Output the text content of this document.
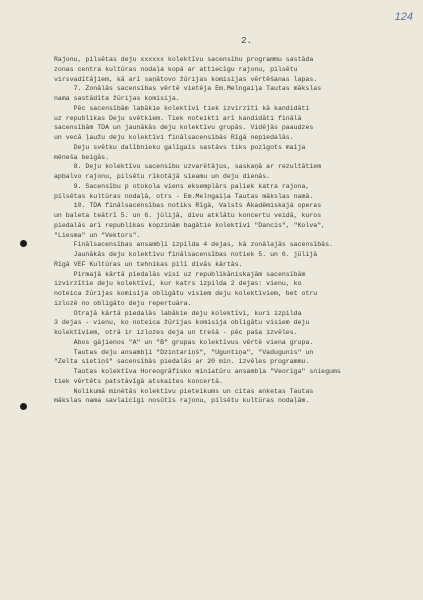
124
2.
Rajonu, pilsētas deju xxxxxx kolektīvu sacensību programmu sastāda
zonas centra kultūras nodaļa kopā ar attiecīgu rajonu, pilsētu
virsvadītājiem, kā arī saņātovo žūrijas komisijas vērtēšanas lapas.
7. Zonālās sacensības vērtē vietēja Em.Melngaiļa Tautas mākslas
nama sastādīta žūrijas komisija.
Pēc sacensībām labākie kolektīvi tiek izvirzīti kā kandidāti
uz republikas Deju svētkiem. Tiek noteikti arī kandidāti finālā
sacensībām TDA un jaunākās deju kolektīvu grupās. Vidējās paaudzes
un vecā ļaužu deju kolektīvi finālsacensībās Rīgā nepiedalās.
Deju svētku dalībnieku galīgais sastāvs tiks pozīgots maija
mēneša beigās.
8. Deju kolektīvu sacensību uzvarētājus, saskaņā ar rezultātiem
apbalvo rajonu, pilsētu rīkotājā sieamu un deju dienās.
9. Sacensību p otokola viens eksemplārs paliek katra rajona,
pilsētas kultūras nodaļā, otrs - Em.Melngaiļa Tautas mākslas namā.
10. TDA finālsacensības notiks Rīgā, Valsts Akadēmiskajā operas
un baleta teātrī 5. un 6. jūlijā, divu atklātu koncertu veidā, kuros
piedalās arī republikas kopzinām bagātie kolektīvi "Dancis", "Kolva",
"Liesma" un "Vektors".
Finālsacensības ansambļi izpilda 4 dejas, kā zonālajās sacensībās.
Jaunākās deju kolektīvu finālsacensības notiek 5. un 6. jūlijā
Rīgā VEF Kultūras un tehnikas pilī divās kārtās.
Pirmajā kārtā piedalās visi uz republikāniskajām sacensībām
izvirzītie deju kolektīvi, kur katrs izpilda 2 dejas: vienu, ko
noteica žūrijas komisija obligātu visiem deju kolektīviem, bet otru
izlozē no obligāto deju repertuāra.
Otrajā kārtā piedalās labākie deju kolektīvi, kuri izpilda
3 dejas - vienu, ko noteica žūrijas komisija obligātu visiem deju
kolektīviem, otrā ir izlozes deja un trešā - pēc paša izvēles.
Abos gājienos "A" un "B" grupas kolektīvus vērtē viena grupa.
Tautas deju ansambļi "Dzintariņš", "Uguntiņa", "Vadugunis" un
"Zelta sietiņš" sacensībās piedalās ar 20 min. izvēles programmu.
Tautas kolektīva Horeogrāfisko miniatūru ansambļa "Veoriga" sniegums
tiek vērtēts patstāvīgā atskaites koncertā.
Nolikumā minētās kolektīvu pieteikums un citas anketas Tautas
mākslas nama savlaicīgi nosūtīs rajonu, pilsētu kultūras nodaļām.
